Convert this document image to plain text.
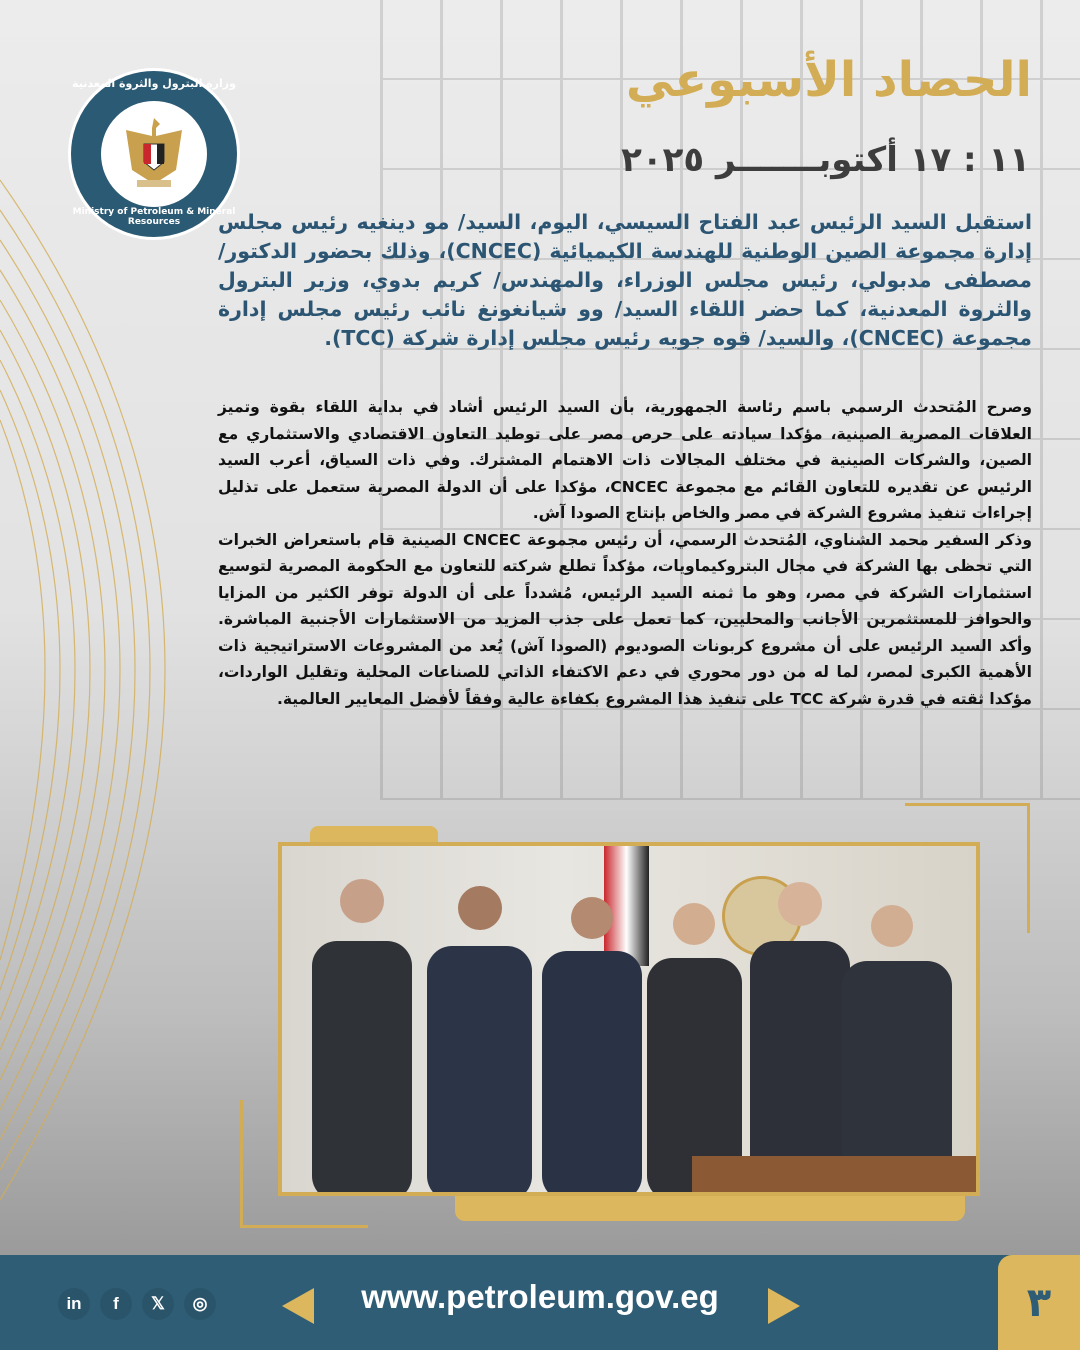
وزارة البترول والثروة المعدنية
Ministry of Petroleum & Mineral Resources
الحصاد الأسبوعي
١١ : ١٧ أكتوبـــــــر ٢٠٢٥
استقبل السيد الرئيس عبد الفتاح السيسي، اليوم، السيد/ مو دينغيه رئيس مجلس إدارة مجموعة الصين الوطنية للهندسة الكيميائية (CNCEC)، وذلك بحضور الدكتور/ مصطفى مدبولي، رئيس مجلس الوزراء، والمهندس/ كريم بدوي، وزير البترول والثروة المعدنية، كما حضر اللقاء السيد/ وو شيانغونغ نائب رئيس مجلس إدارة مجموعة (CNCEC)، والسيد/ قوه جويه رئيس مجلس إدارة شركة (TCC).

وصرح المُتحدث الرسمي باسم رئاسة الجمهورية، بأن السيد الرئيس أشاد في بداية اللقاء بقوة وتميز العلاقات المصرية الصينية، مؤكدا سيادته على حرص مصر على توطيد التعاون الاقتصادي والاستثماري مع الصين، والشركات الصينية في مختلف المجالات ذات الاهتمام المشترك. وفي ذات السياق، أعرب السيد الرئيس عن تقديره للتعاون القائم مع مجموعة CNCEC، مؤكدا على أن الدولة المصرية ستعمل على تذليل إجراءات تنفيذ مشروع الشركة في مصر والخاص بإنتاج الصودا آش.

وذكر السفير محمد الشناوي، المُتحدث الرسمي، أن رئيس مجموعة CNCEC الصينية قام باستعراض الخبرات التي تحظى بها الشركة في مجال البتروكيماويات، مؤكداً تطلع شركته للتعاون مع الحكومة المصرية لتوسيع استثمارات الشركة في مصر، وهو ما ثمنه السيد الرئيس، مُشدداً على أن الدولة توفر الكثير من المزايا والحوافز للمستثمرين الأجانب والمحليين، كما تعمل على جذب المزيد من الاستثمارات الأجنبية المباشرة. وأكد السيد الرئيس على أن مشروع كربونات الصوديوم (الصودا آش) يُعد من المشروعات الاستراتيجية ذات الأهمية الكبرى لمصر، لما له من دور محوري في دعم الاكتفاء الذاتي للصناعات المحلية وتقليل الواردات، مؤكدا ثقته في قدرة شركة TCC على تنفيذ هذا المشروع بكفاءة عالية وفقاً لأفضل المعايير العالمية.

in	f	𝕏	◎	www.petroleum.gov.eg	٣
